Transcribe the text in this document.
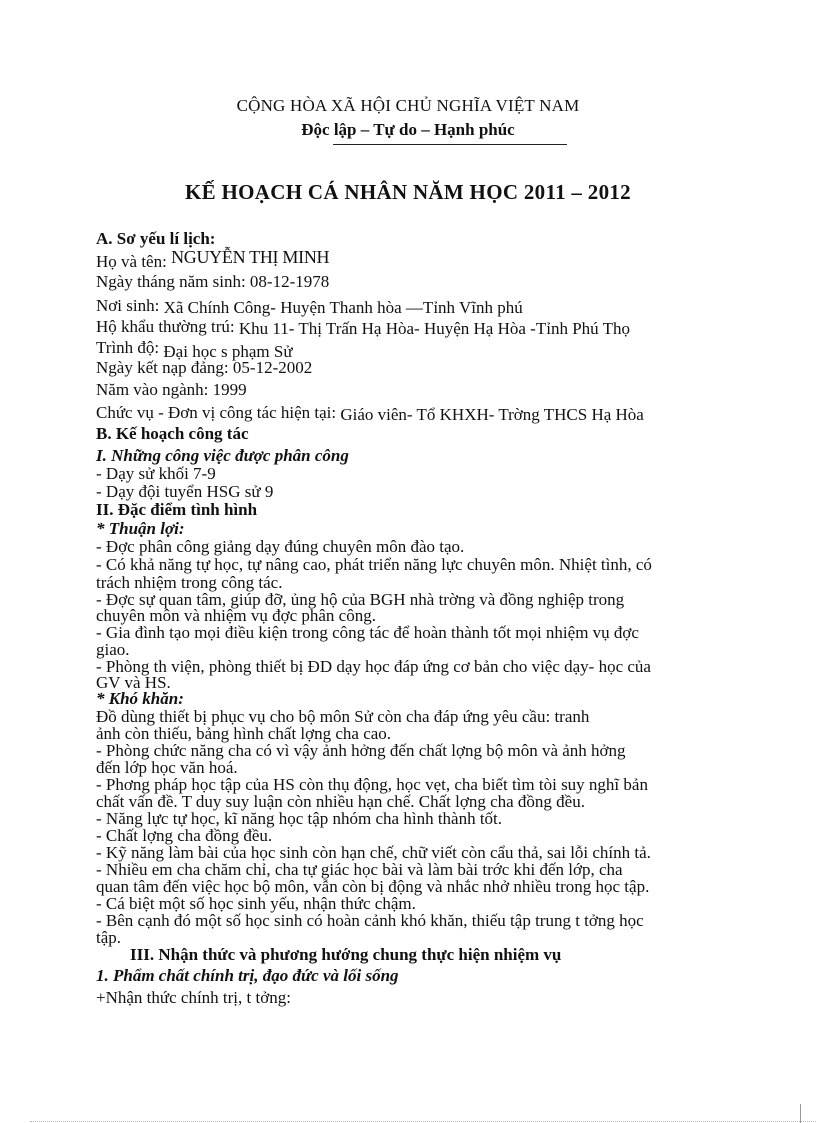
CỘNG HÒA XÃ HỘI CHỦ NGHĨA VIỆT NAM
Độc lập – Tự do – Hạnh phúc
KẾ HOẠCH CÁ NHÂN NĂM HỌC 2011 – 2012
A. Sơ yếu lí lịch:
Họ và tên: NGUYỄN THỊ MINH
Ngày tháng năm sinh: 08-12-1978
Nơi sinh: Xã Chính Công- Huyện Thanh hòa —Tỉnh Vĩnh phú
Hộ khẩu thường trú: Khu 11- Thị Trấn Hạ Hòa- Huyện Hạ Hòa -Tỉnh Phú Thọ
Trình độ: Đại học s phạm Sử
Ngày kết nạp đảng: 05-12-2002
Năm vào ngành: 1999
Chức vụ - Đơn vị công tác hiện tại: Giáo viên- Tổ KHXH- Trờng THCS Hạ Hòa
B. Kế hoạch công tác
I. Những công việc được phân công
- Dạy sử khối 7-9
- Dạy đội tuyển HSG sử 9
II. Đặc điểm tình hình
* Thuận lợi:
- Đợc phân công giảng dạy đúng chuyên môn đào tạo.
- Có khả năng tự học, tự nâng cao, phát triển năng lực chuyên môn. Nhiệt tình, có
trách nhiệm trong công tác.
- Đợc sự quan tâm, giúp đỡ, ủng hộ của BGH nhà trờng và đồng nghiệp trong
chuyên môn và nhiệm vụ đợc phân công.
- Gia đình tạo mọi điều kiện trong công tác để hoàn thành tốt mọi nhiệm vụ đợc
giao.
- Phòng th viện, phòng thiết bị ĐD dạy học đáp ứng cơ bản cho việc dạy- học của
GV và HS.
* Khó khăn:
Đồ dùng thiết bị phục vụ cho bộ môn Sử còn cha đáp ứng yêu cầu: tranh
ảnh còn thiếu, bảng hình chất lợng cha cao.
- Phòng chức năng cha có vì vậy ảnh hởng đến chất lợng bộ môn và ảnh hởng
đến lớp học văn hoá.
- Phơng pháp học tập của HS còn thụ động, học vẹt, cha biết tìm tòi suy nghĩ bản
chất vấn đề. T duy suy luận còn nhiều hạn chế. Chất lợng cha đồng đều.
- Năng lực tự học, kĩ năng học tập nhóm cha hình thành tốt.
- Chất lợng cha đồng đều.
- Kỹ năng làm bài của học sinh còn hạn chế, chữ viết còn cẩu thả, sai lỗi chính tả.
- Nhiều em cha chăm chỉ, cha tự giác học bài và làm bài trớc khi đến lớp, cha
quan tâm đến việc học bộ môn, vẫn còn bị động và nhắc nhở nhiều trong học tập.
- Cá biệt một số học sinh yếu, nhận thức chậm.
- Bên cạnh đó một số học sinh có hoàn cảnh khó khăn, thiếu tập trung t tởng học
tập.
III. Nhận thức và phương hướng chung thực hiện nhiệm vụ
1. Phẩm chất chính trị, đạo đức và lối sống
+Nhận thức chính trị, t tởng:
